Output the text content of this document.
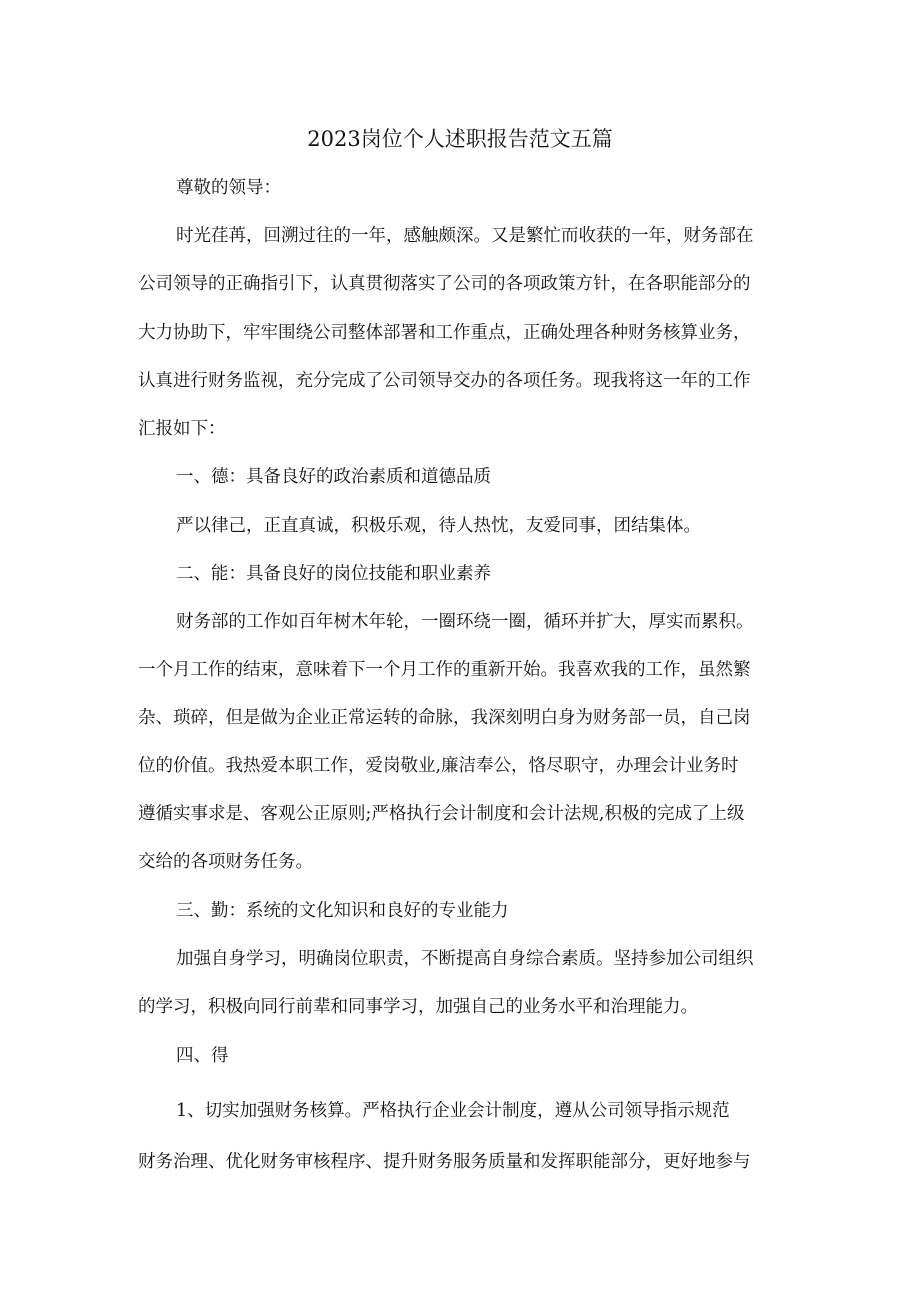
2023岗位个人述职报告范文五篇

尊敬的领导：

时光荏苒，回溯过往的一年，感触颇深。又是繁忙而收获的一年，财务部在

公司领导的正确指引下，认真贯彻落实了公司的各项政策方针，在各职能部分的

大力协助下，牢牢围绕公司整体部署和工作重点，正确处理各种财务核算业务，

认真进行财务监视，充分完成了公司领导交办的各项任务。现我将这一年的工作

汇报如下：

一、德：具备良好的政治素质和道德品质

严以律己，正直真诚，积极乐观，待人热忱，友爱同事，团结集体。

二、能：具备良好的岗位技能和职业素养

财务部的工作如百年树木年轮，一圈环绕一圈，循环并扩大，厚实而累积。

一个月工作的结束，意味着下一个月工作的重新开始。我喜欢我的工作，虽然繁

杂、琐碎，但是做为企业正常运转的命脉，我深刻明白身为财务部一员，自己岗

位的价值。我热爱本职工作，爱岗敬业,廉洁奉公，恪尽职守，办理会计业务时

遵循实事求是、客观公正原则;严格执行会计制度和会计法规,积极的完成了上级

交给的各项财务任务。

三、勤：系统的文化知识和良好的专业能力

加强自身学习，明确岗位职责，不断提高自身综合素质。坚持参加公司组织

的学习，积极向同行前辈和同事学习，加强自己的业务水平和治理能力。

四、得

1、切实加强财务核算。严格执行企业会计制度，遵从公司领导指示规范

财务治理、优化财务审核程序、提升财务服务质量和发挥职能部分，更好地参与
